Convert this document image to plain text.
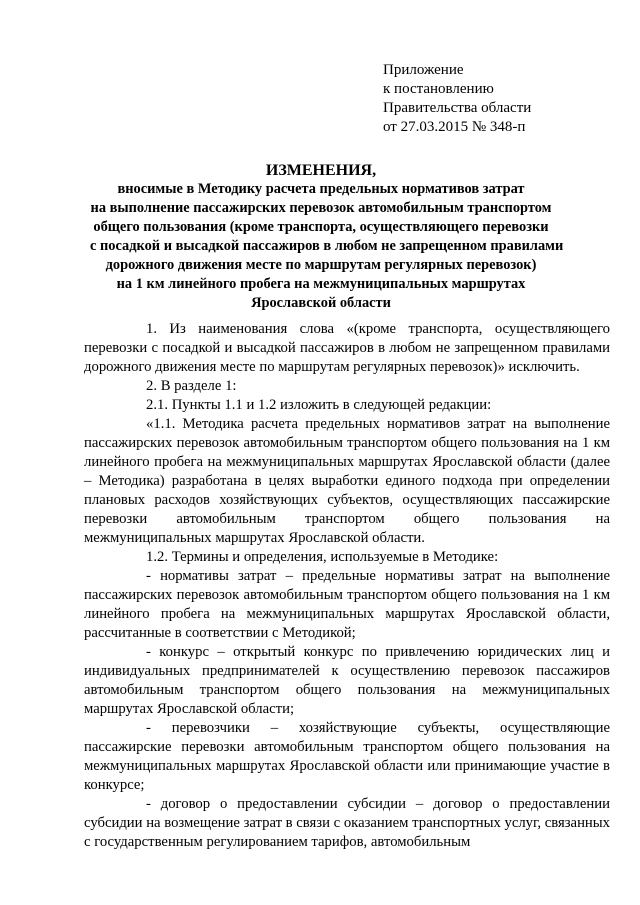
Приложение
к постановлению
Правительства области
от 27.03.2015 № 348-п
ИЗМЕНЕНИЯ,
вносимые в Методику расчета предельных нормативов затрат
на выполнение пассажирских перевозок автомобильным транспортом
общего пользования (кроме транспорта, осуществляющего перевозки
с посадкой и высадкой пассажиров в любом не запрещенном правилами
дорожного движения месте по маршрутам регулярных перевозок)
на 1 км линейного пробега на межмуниципальных маршрутах
Ярославской области

1. Из наименования слова «(кроме транспорта, осуществляющего перевозки с посадкой и высадкой пассажиров в любом не запрещенном правилами дорожного движения месте по маршрутам регулярных перевозок)» исключить.

2. В разделе 1:

2.1. Пункты 1.1 и 1.2 изложить в следующей редакции:

«1.1. Методика расчета предельных нормативов затрат на выполнение пассажирских перевозок автомобильным транспортом общего пользования на 1 км линейного пробега на межмуниципальных маршрутах Ярославской области (далее – Методика) разработана в целях выработки единого подхода при определении плановых расходов хозяйствующих субъектов, осуществляющих пассажирские перевозки автомобильным транспортом общего пользования на межмуниципальных маршрутах Ярославской области.

1.2. Термины и определения, используемые в Методике:

- нормативы затрат – предельные нормативы затрат на выполнение пассажирских перевозок автомобильным транспортом общего пользования на 1 км линейного пробега на межмуниципальных маршрутах Ярославской области, рассчитанные в соответствии с Методикой;

- конкурс – открытый конкурс по привлечению юридических лиц и индивидуальных предпринимателей к осуществлению перевозок пассажиров автомобильным транспортом общего пользования на межмуниципальных маршрутах Ярославской области;

- перевозчики – хозяйствующие субъекты, осуществляющие пассажирские перевозки автомобильным транспортом общего пользования на межмуниципальных маршрутах Ярославской области или принимающие участие в конкурсе;

- договор о предоставлении субсидии – договор о предоставлении субсидии на возмещение затрат в связи с оказанием транспортных услуг, связанных с государственным регулированием тарифов, автомобильным
